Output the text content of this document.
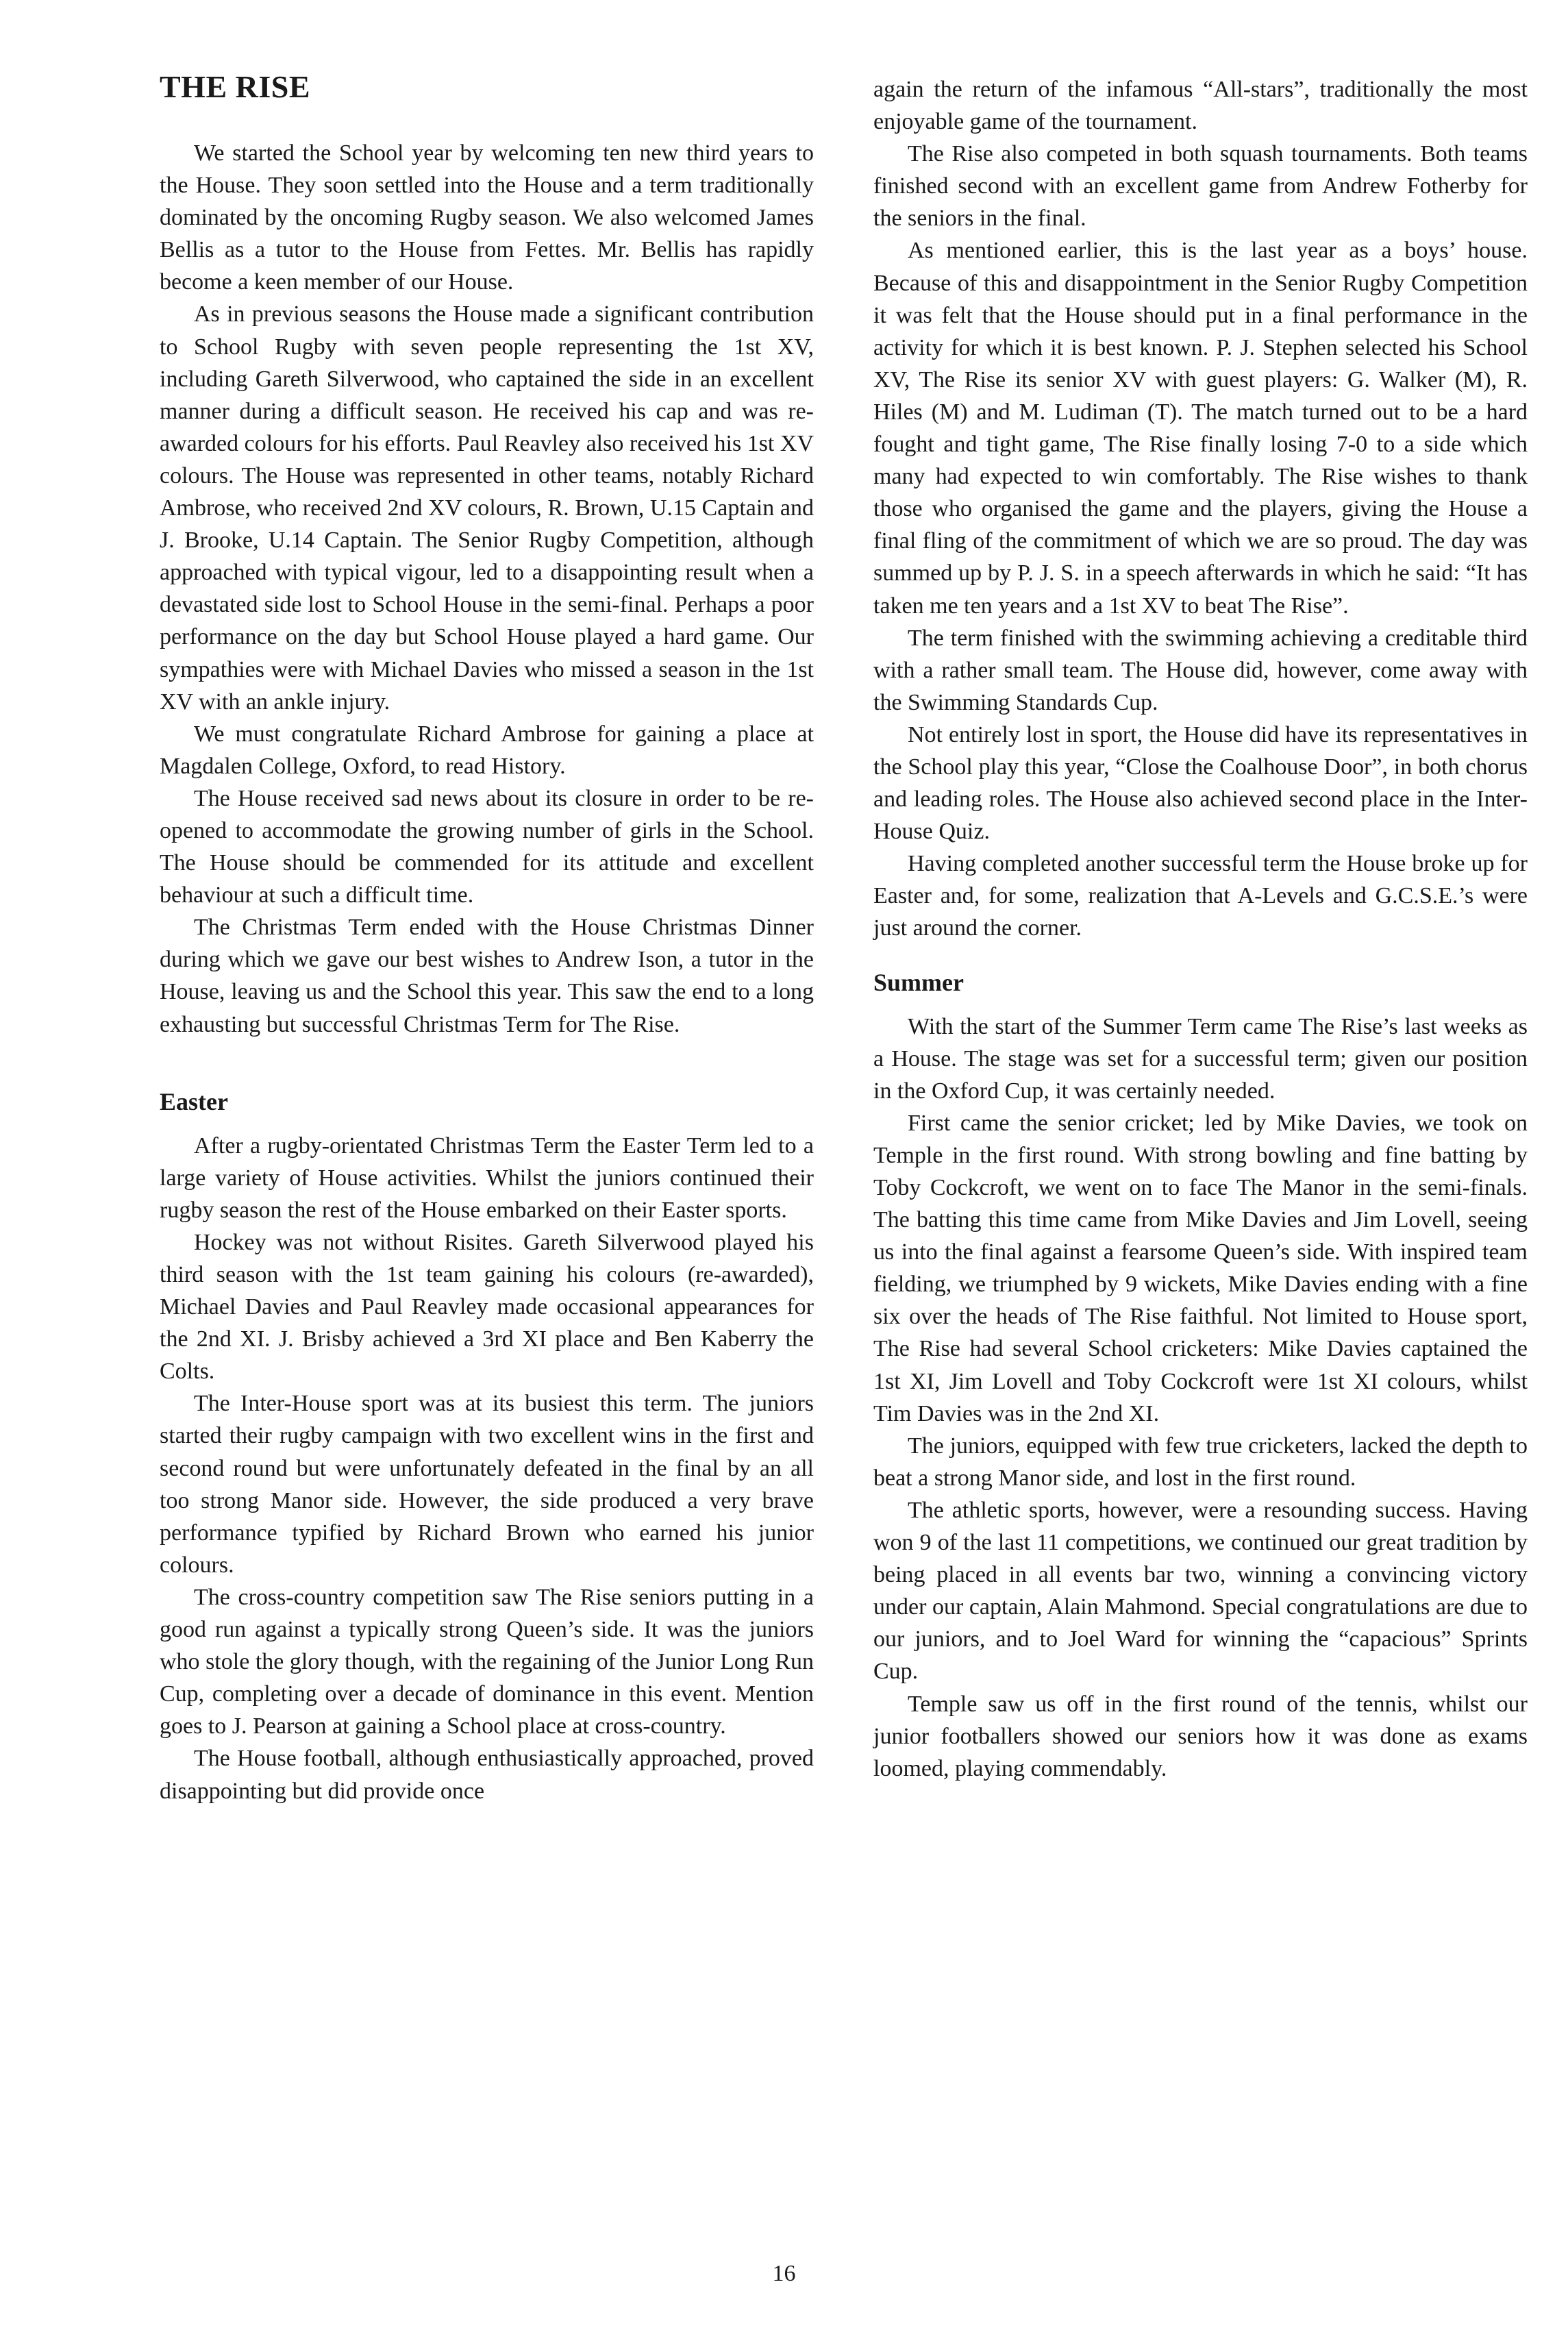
THE RISE

We started the School year by welcoming ten new third years to the House. They soon settled into the House and a term traditionally dominated by the oncoming Rugby season. We also welcomed James Bellis as a tutor to the House from Fettes. Mr. Bellis has rapidly become a keen member of our House.

As in previous seasons the House made a significant contribution to School Rugby with seven people representing the 1st XV, including Gareth Silverwood, who captained the side in an excellent manner during a difficult season. He received his cap and was re-awarded colours for his efforts. Paul Reavley also received his 1st XV colours. The House was represented in other teams, notably Richard Ambrose, who received 2nd XV colours, R. Brown, U.15 Captain and J. Brooke, U.14 Captain. The Senior Rugby Competition, although approached with typical vigour, led to a disappointing result when a devastated side lost to School House in the semi-final. Perhaps a poor performance on the day but School House played a hard game. Our sympathies were with Michael Davies who missed a season in the 1st XV with an ankle injury.

We must congratulate Richard Ambrose for gaining a place at Magdalen College, Oxford, to read History.

The House received sad news about its closure in order to be re-opened to accommodate the growing number of girls in the School. The House should be commended for its attitude and excellent behaviour at such a difficult time.

The Christmas Term ended with the House Christmas Dinner during which we gave our best wishes to Andrew Ison, a tutor in the House, leaving us and the School this year. This saw the end to a long exhausting but successful Christmas Term for The Rise.

Easter

After a rugby-orientated Christmas Term the Easter Term led to a large variety of House activities. Whilst the juniors continued their rugby season the rest of the House embarked on their Easter sports.

Hockey was not without Risites. Gareth Silverwood played his third season with the 1st team gaining his colours (re-awarded), Michael Davies and Paul Reavley made occasional appearances for the 2nd XI. J. Brisby achieved a 3rd XI place and Ben Kaberry the Colts.

The Inter-House sport was at its busiest this term. The juniors started their rugby campaign with two excellent wins in the first and second round but were unfortunately defeated in the final by an all too strong Manor side. However, the side produced a very brave performance typified by Richard Brown who earned his junior colours.

The cross-country competition saw The Rise seniors putting in a good run against a typically strong Queen’s side. It was the juniors who stole the glory though, with the regaining of the Junior Long Run Cup, completing over a decade of dominance in this event. Mention goes to J. Pearson at gaining a School place at cross-country.

The House football, although enthusiastically approached, proved disappointing but did provide once

again the return of the infamous “All-stars”, traditionally the most enjoyable game of the tournament.

The Rise also competed in both squash tournaments. Both teams finished second with an excellent game from Andrew Fotherby for the seniors in the final.

As mentioned earlier, this is the last year as a boys’ house. Because of this and disappointment in the Senior Rugby Competition it was felt that the House should put in a final performance in the activity for which it is best known. P. J. Stephen selected his School XV, The Rise its senior XV with guest players: G. Walker (M), R. Hiles (M) and M. Ludiman (T). The match turned out to be a hard fought and tight game, The Rise finally losing 7-0 to a side which many had expected to win comfortably. The Rise wishes to thank those who organised the game and the players, giving the House a final fling of the commitment of which we are so proud. The day was summed up by P. J. S. in a speech afterwards in which he said: “It has taken me ten years and a 1st XV to beat The Rise”.

The term finished with the swimming achieving a creditable third with a rather small team. The House did, however, come away with the Swimming Standards Cup.

Not entirely lost in sport, the House did have its representatives in the School play this year, “Close the Coalhouse Door”, in both chorus and leading roles. The House also achieved second place in the Inter-House Quiz.

Having completed another successful term the House broke up for Easter and, for some, realization that A-Levels and G.C.S.E.’s were just around the corner.

Summer

With the start of the Summer Term came The Rise’s last weeks as a House. The stage was set for a successful term; given our position in the Oxford Cup, it was certainly needed.

First came the senior cricket; led by Mike Davies, we took on Temple in the first round. With strong bowling and fine batting by Toby Cockcroft, we went on to face The Manor in the semi-finals. The batting this time came from Mike Davies and Jim Lovell, seeing us into the final against a fearsome Queen’s side. With inspired team fielding, we triumphed by 9 wickets, Mike Davies ending with a fine six over the heads of The Rise faithful. Not limited to House sport, The Rise had several School cricketers: Mike Davies captained the 1st XI, Jim Lovell and Toby Cockcroft were 1st XI colours, whilst Tim Davies was in the 2nd XI.

The juniors, equipped with few true cricketers, lacked the depth to beat a strong Manor side, and lost in the first round.

The athletic sports, however, were a resounding success. Having won 9 of the last 11 competitions, we continued our great tradition by being placed in all events bar two, winning a convincing victory under our captain, Alain Mahmond. Special congratulations are due to our juniors, and to Joel Ward for winning the “capacious” Sprints Cup.

Temple saw us off in the first round of the tennis, whilst our junior footballers showed our seniors how it was done as exams loomed, playing commendably.

16
